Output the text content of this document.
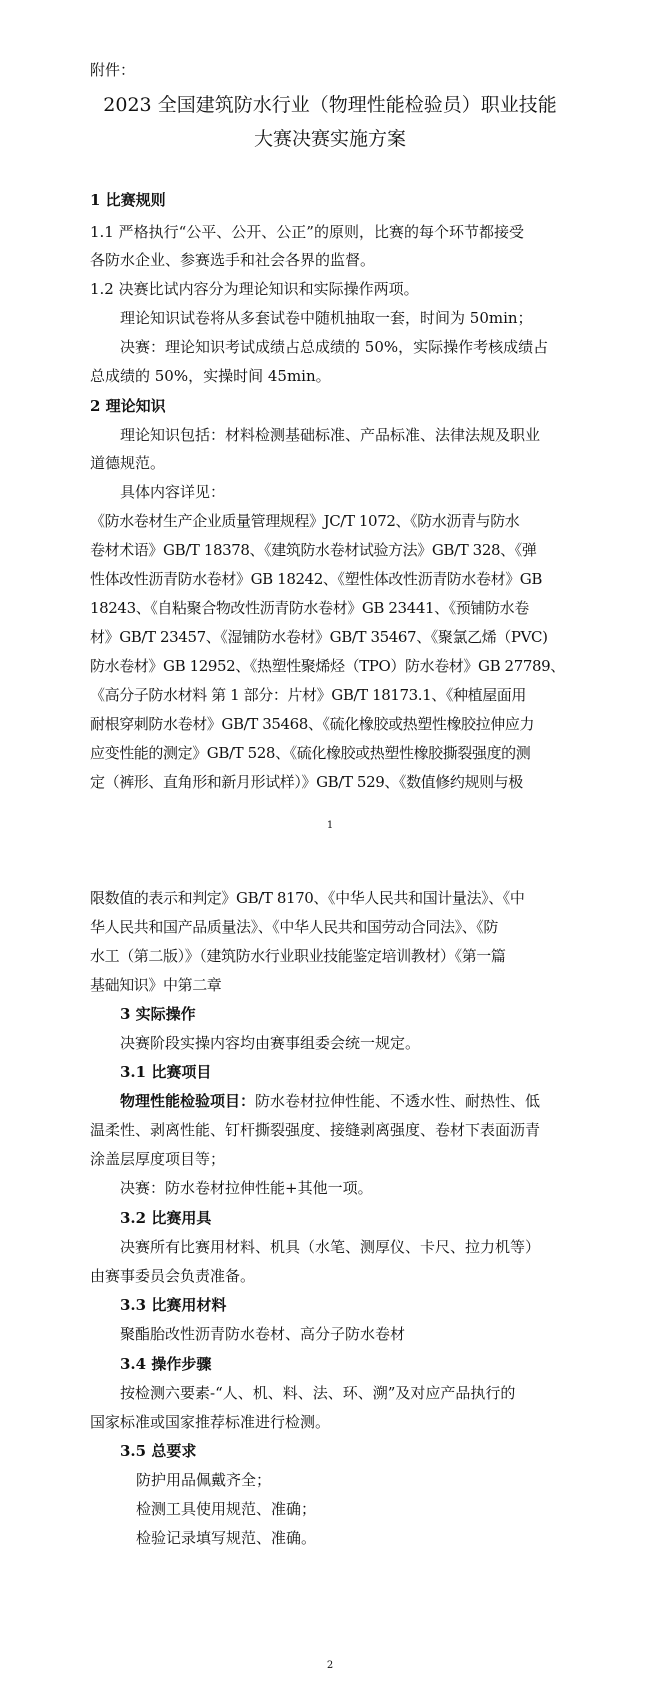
附件：
2023 全国建筑防水行业（物理性能检验员）职业技能
大赛决赛实施方案
1 比赛规则
1.1 严格执行“公平、公开、公正”的原则，比赛的每个环节都接受
各防水企业、参赛选手和社会各界的监督。
1.2 决赛比试内容分为理论知识和实际操作两项。
理论知识试卷将从多套试卷中随机抽取一套，时间为 50min；
决赛：理论知识考试成绩占总成绩的 50%，实际操作考核成绩占
总成绩的 50%，实操时间 45min。
2 理论知识
理论知识包括：材料检测基础标准、产品标准、法律法规及职业
道德规范。
具体内容详见：
《防水卷材生产企业质量管理规程》JC/T 1072、《防水沥青与防水
卷材术语》GB/T 18378、《建筑防水卷材试验方法》GB/T 328、《弹
性体改性沥青防水卷材》GB 18242、《塑性体改性沥青防水卷材》GB
18243、《自粘聚合物改性沥青防水卷材》GB 23441、《预铺防水卷
材》GB/T 23457、《湿铺防水卷材》GB/T 35467、《聚氯乙烯（PVC)
防水卷材》GB 12952、《热塑性聚烯烃（TPO）防水卷材》GB 27789、
《高分子防水材料 第 1 部分：片材》GB/T 18173.1、《种植屋面用
耐根穿刺防水卷材》GB/T 35468、《硫化橡胶或热塑性橡胶拉伸应力
应变性能的测定》GB/T 528、《硫化橡胶或热塑性橡胶撕裂强度的测
定（裤形、直角形和新月形试样）》GB/T 529、《数值修约规则与极
1
限数值的表示和判定》GB/T 8170、《中华人民共和国计量法》、《中
华人民共和国产品质量法》、《中华人民共和国劳动合同法》、《防
水工（第二版）》（建筑防水行业职业技能鉴定培训教材）《第一篇
基础知识》中第二章
3 实际操作
决赛阶段实操内容均由赛事组委会统一规定。
3.1 比赛项目
物理性能检验项目：防水卷材拉伸性能、不透水性、耐热性、低
温柔性、剥离性能、钉杆撕裂强度、接缝剥离强度、卷材下表面沥青
涂盖层厚度项目等；
决赛：防水卷材拉伸性能+其他一项。
3.2 比赛用具
决赛所有比赛用材料、机具（水笔、测厚仪、卡尺、拉力机等）
由赛事委员会负责准备。
3.3 比赛用材料
聚酯胎改性沥青防水卷材、高分子防水卷材
3.4 操作步骤
按检测六要素-“人、机、料、法、环、溯”及对应产品执行的
国家标准或国家推荐标准进行检测。
3.5 总要求
防护用品佩戴齐全；
检测工具使用规范、准确；
检验记录填写规范、准确。
2
